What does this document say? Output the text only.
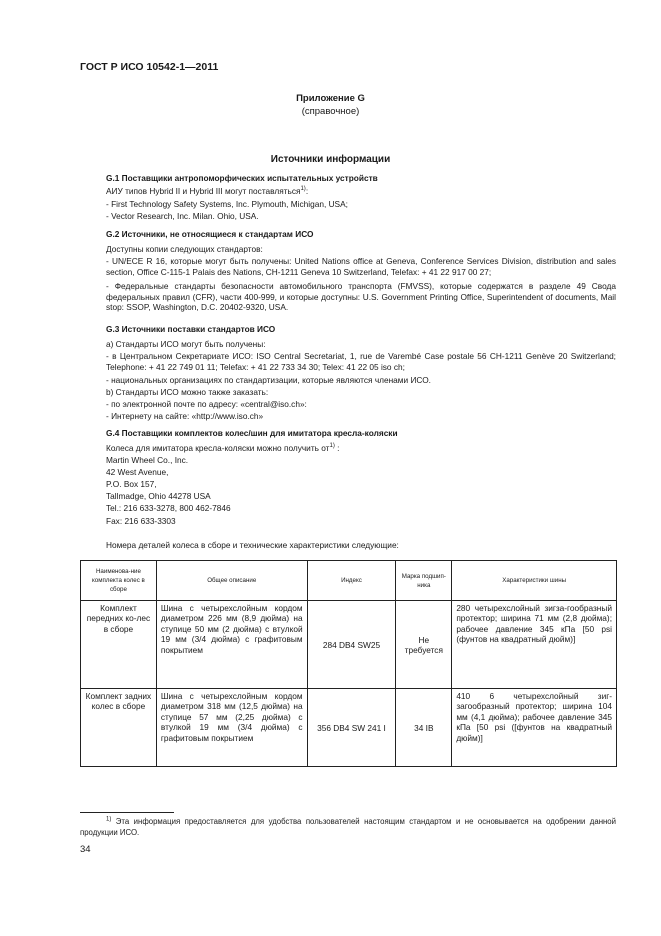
ГОСТ Р ИСО 10542-1—2011
Приложение G
(справочное)
Источники информации
G.1 Поставщики антропоморфических испытательных устройств
АИУ типов Hybrid II и Hybrid III могут поставляться$^{1)}$:
- First Technology Safety Systems, Inc. Plymouth, Michigan, USA;
- Vector Research, Inc. Milan. Ohio, USA.
G.2 Источники, не относящиеся к стандартам ИСО
Доступны копии следующих стандартов:
- UN/ECE R 16, которые могут быть получены: United Nations office at Geneva, Conference Services Division, distribution and sales section, Office C-115-1 Palais des Nations, CH-1211 Geneva 10 Switzerland, Telefax: + 41 22 917 00 27;
- Федеральные стандарты безопасности автомобильного транспорта (FMVSS), которые содержатся в разделе 49 Свода федеральных правил (CFR), части 400-999, и которые доступны: U.S. Government Printing Office, Superintendent of documents, Mail stop: SSOP, Washington, D.C. 20402-9320, USA.
G.3 Источники поставки стандартов ИСО
a) Стандарты ИСО могут быть получены:
- в Центральном Секретариате ИСО: ISO Central Secretariat, 1, rue de Varembé Case postale 56 CH-1211 Genève 20 Switzerland; Telephone: + 41 22 749 01 11; Telefax: + 41 22 733 34 30; Telex: 41 22 05 iso ch;
- национальных организациях по стандартизации, которые являются членами ИСО.
b) Стандарты ИСО можно также заказать:
- по электронной почте по адресу: «central@iso.ch»:
- Интернету на сайте: «http://www.iso.ch»
G.4 Поставщики комплектов колес/шин для имитатора кресла-коляски
Колеса для имитатора кресла-коляски можно получить $от^{1)}$ :
Martin Wheel Co., Inc.
42 West Avenue,
P.O. Box 157,
Tallmadge, Ohio 44278 USA
Tel.: 216 633-3278, 800 462-7846
Fax: 216 633-3303
Номера деталей колеса в сборе и технические характеристики следующие:
Наименова-ние комплекта колес в сборе	Общее описание	Индекс	Марка подшип-ника	Характеристики шины
Комплект передних ко-лес в сборе	Шина с четырехслойным кордом диаметром 226 мм (8,9 дюйма) на ступице 50 мм (2 дюйма) с втулкой 19 мм (3/4 дюйма) с графитовым покрытием	284 DB4 SW25	Не требуется	280 четырехслойный зигза-гообразный протектор; ширина 71 мм (2,8 дюйма); рабочее давление 345 кПа [50 psi (фунтов на квадратный дюйм)]
Комплект задних колес в сборе	Шина с четырехслойным кордом диаметром 318 мм (12,5 дюйма) на ступице 57 мм (2,25 дюйма) с втулкой 19 мм (3/4 дюйма) с графитовым покрытием	356 DB4 SW 241 I	34 IB	410 6 четырехслойный зиг-загообразный протектор; ширина 104 мм (4,1 дюйма); рабочее давление 345 кПа [50 psi ([фунтов на квадратный дюйм)]
$^{1)}$ Эта информация предоставляется для удобства пользователей настоящим стандартом и не основывается на одобрении данной продукции ИСО.
34
